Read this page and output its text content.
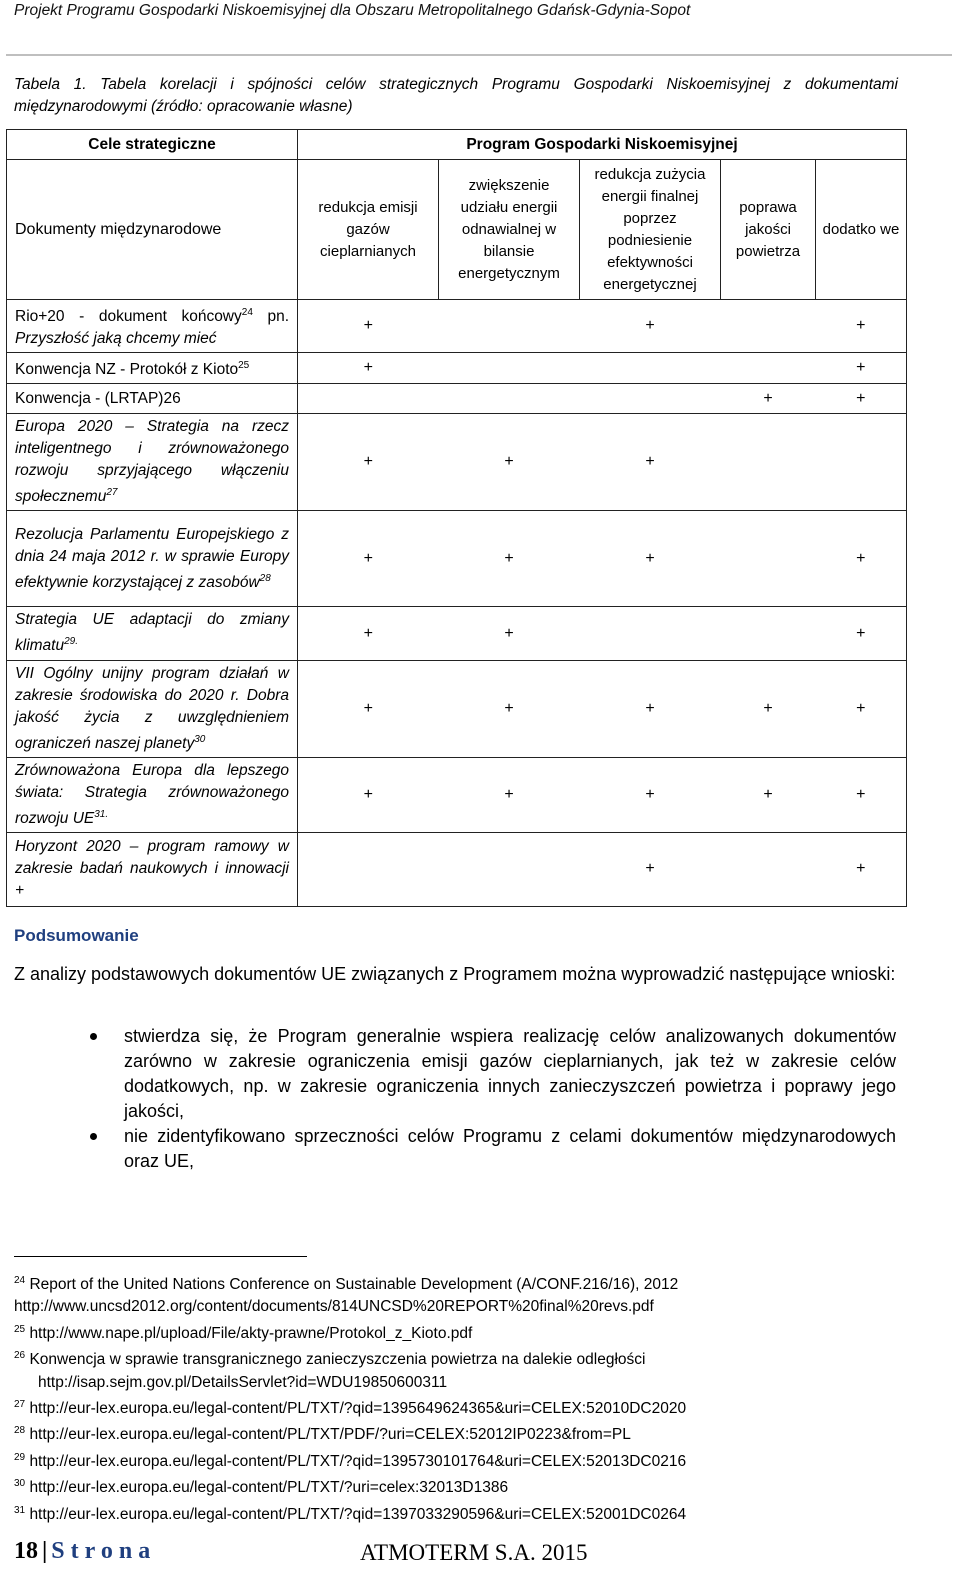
Projekt Programu Gospodarki Niskoemisyjnej dla Obszaru Metropolitalnego Gdańsk-Gdynia-Sopot
Tabela 1. Tabela korelacji i spójności celów strategicznych Programu Gospodarki Niskoemisyjnej z dokumentami międzynarodowymi (źródło: opracowanie własne)
Cele strategiczne	Program Gospodarki Niskoemisyjnej				
Dokumenty międzynarodowe	redukcja emisji gazów cieplarnianych	zwiększenie udziału energii odnawialnej w bilansie energetycznym	redukcja zużycia energii finalnej poprzez podniesienie efektywności energetycznej	poprawa jakości powietrza	dodatko we
Rio+20 - dokument końcowy$^{24}$ pn. Przyszłość jaką chcemy mieć	+		+		+
Konwencja NZ - Protokół z Kioto$^{25}$	+				+
Konwencja - (LRTAP)26				+	+
Europa 2020 – Strategia na rzecz inteligentnego i zrównoważonego rozwoju sprzyjającego włączeniu społecznemu$^{27}$	+	+	+		
Rezolucja Parlamentu Europejskiego z dnia 24 maja 2012 r. w sprawie Europy efektywnie korzystającej z zasobów$^{28}$	+	+	+		+
Strategia UE adaptacji do zmiany klimatu$^{29.}$	+	+			+
VII Ogólny unijny program działań w zakresie środowiska do 2020 r. Dobra jakość życia z uwzględnieniem ograniczeń naszej planety$^{30}$	+	+	+	+	+
Zrównoważona Europa dla lepszego świata: Strategia zrównoważonego rozwoju $UE^{31.}$	+	+	+	+	+
Horyzont 2020 – program ramowy w zakresie badań naukowych i innowacji +			+		+
Podsumowanie
Z analizy podstawowych dokumentów UE związanych z Programem można wyprowadzić następujące wnioski:
stwierdza się, że Program generalnie wspiera realizację celów analizowanych dokumentów zarówno w zakresie ograniczenia emisji gazów cieplarnianych, jak też w zakresie celów dodatkowych, np. w zakresie ograniczenia innych zanieczyszczeń powietrza i poprawy jego jakości,
nie zidentyfikowano sprzeczności celów Programu z celami dokumentów międzynarodowych oraz UE,
$^{24}$ Report of the United Nations Conference on Sustainable Development (A/CONF.216/16), 2012
http://www.uncsd2012.org/content/documents/814UNCSD%20REPORT%20final%20revs.pdf
$^{25}$ http://www.nape.pl/upload/File/akty-prawne/Protokol_z_Kioto.pdf
$^{26}$ Konwencja w sprawie transgranicznego zanieczyszczenia powietrza na dalekie odległości
http://isap.sejm.gov.pl/DetailsServlet?id=WDU19850600311
$^{27}$ http://eur-lex.europa.eu/legal-content/PL/TXT/?qid=1395649624365&uri=CELEX:52010DC2020
$^{28}$ http://eur-lex.europa.eu/legal-content/PL/TXT/PDF/?uri=CELEX:52012IP0223&from=PL
$^{29}$ http://eur-lex.europa.eu/legal-content/PL/TXT/?qid=1395730101764&uri=CELEX:52013DC0216
$^{30}$ http://eur-lex.europa.eu/legal-content/PL/TXT/?uri=celex:32013D1386
$^{31}$ http://eur-lex.europa.eu/legal-content/PL/TXT/?qid=1397033290596&uri=CELEX:52001DC0264
18 | Strona	ATMOTERM S.A. 2015
